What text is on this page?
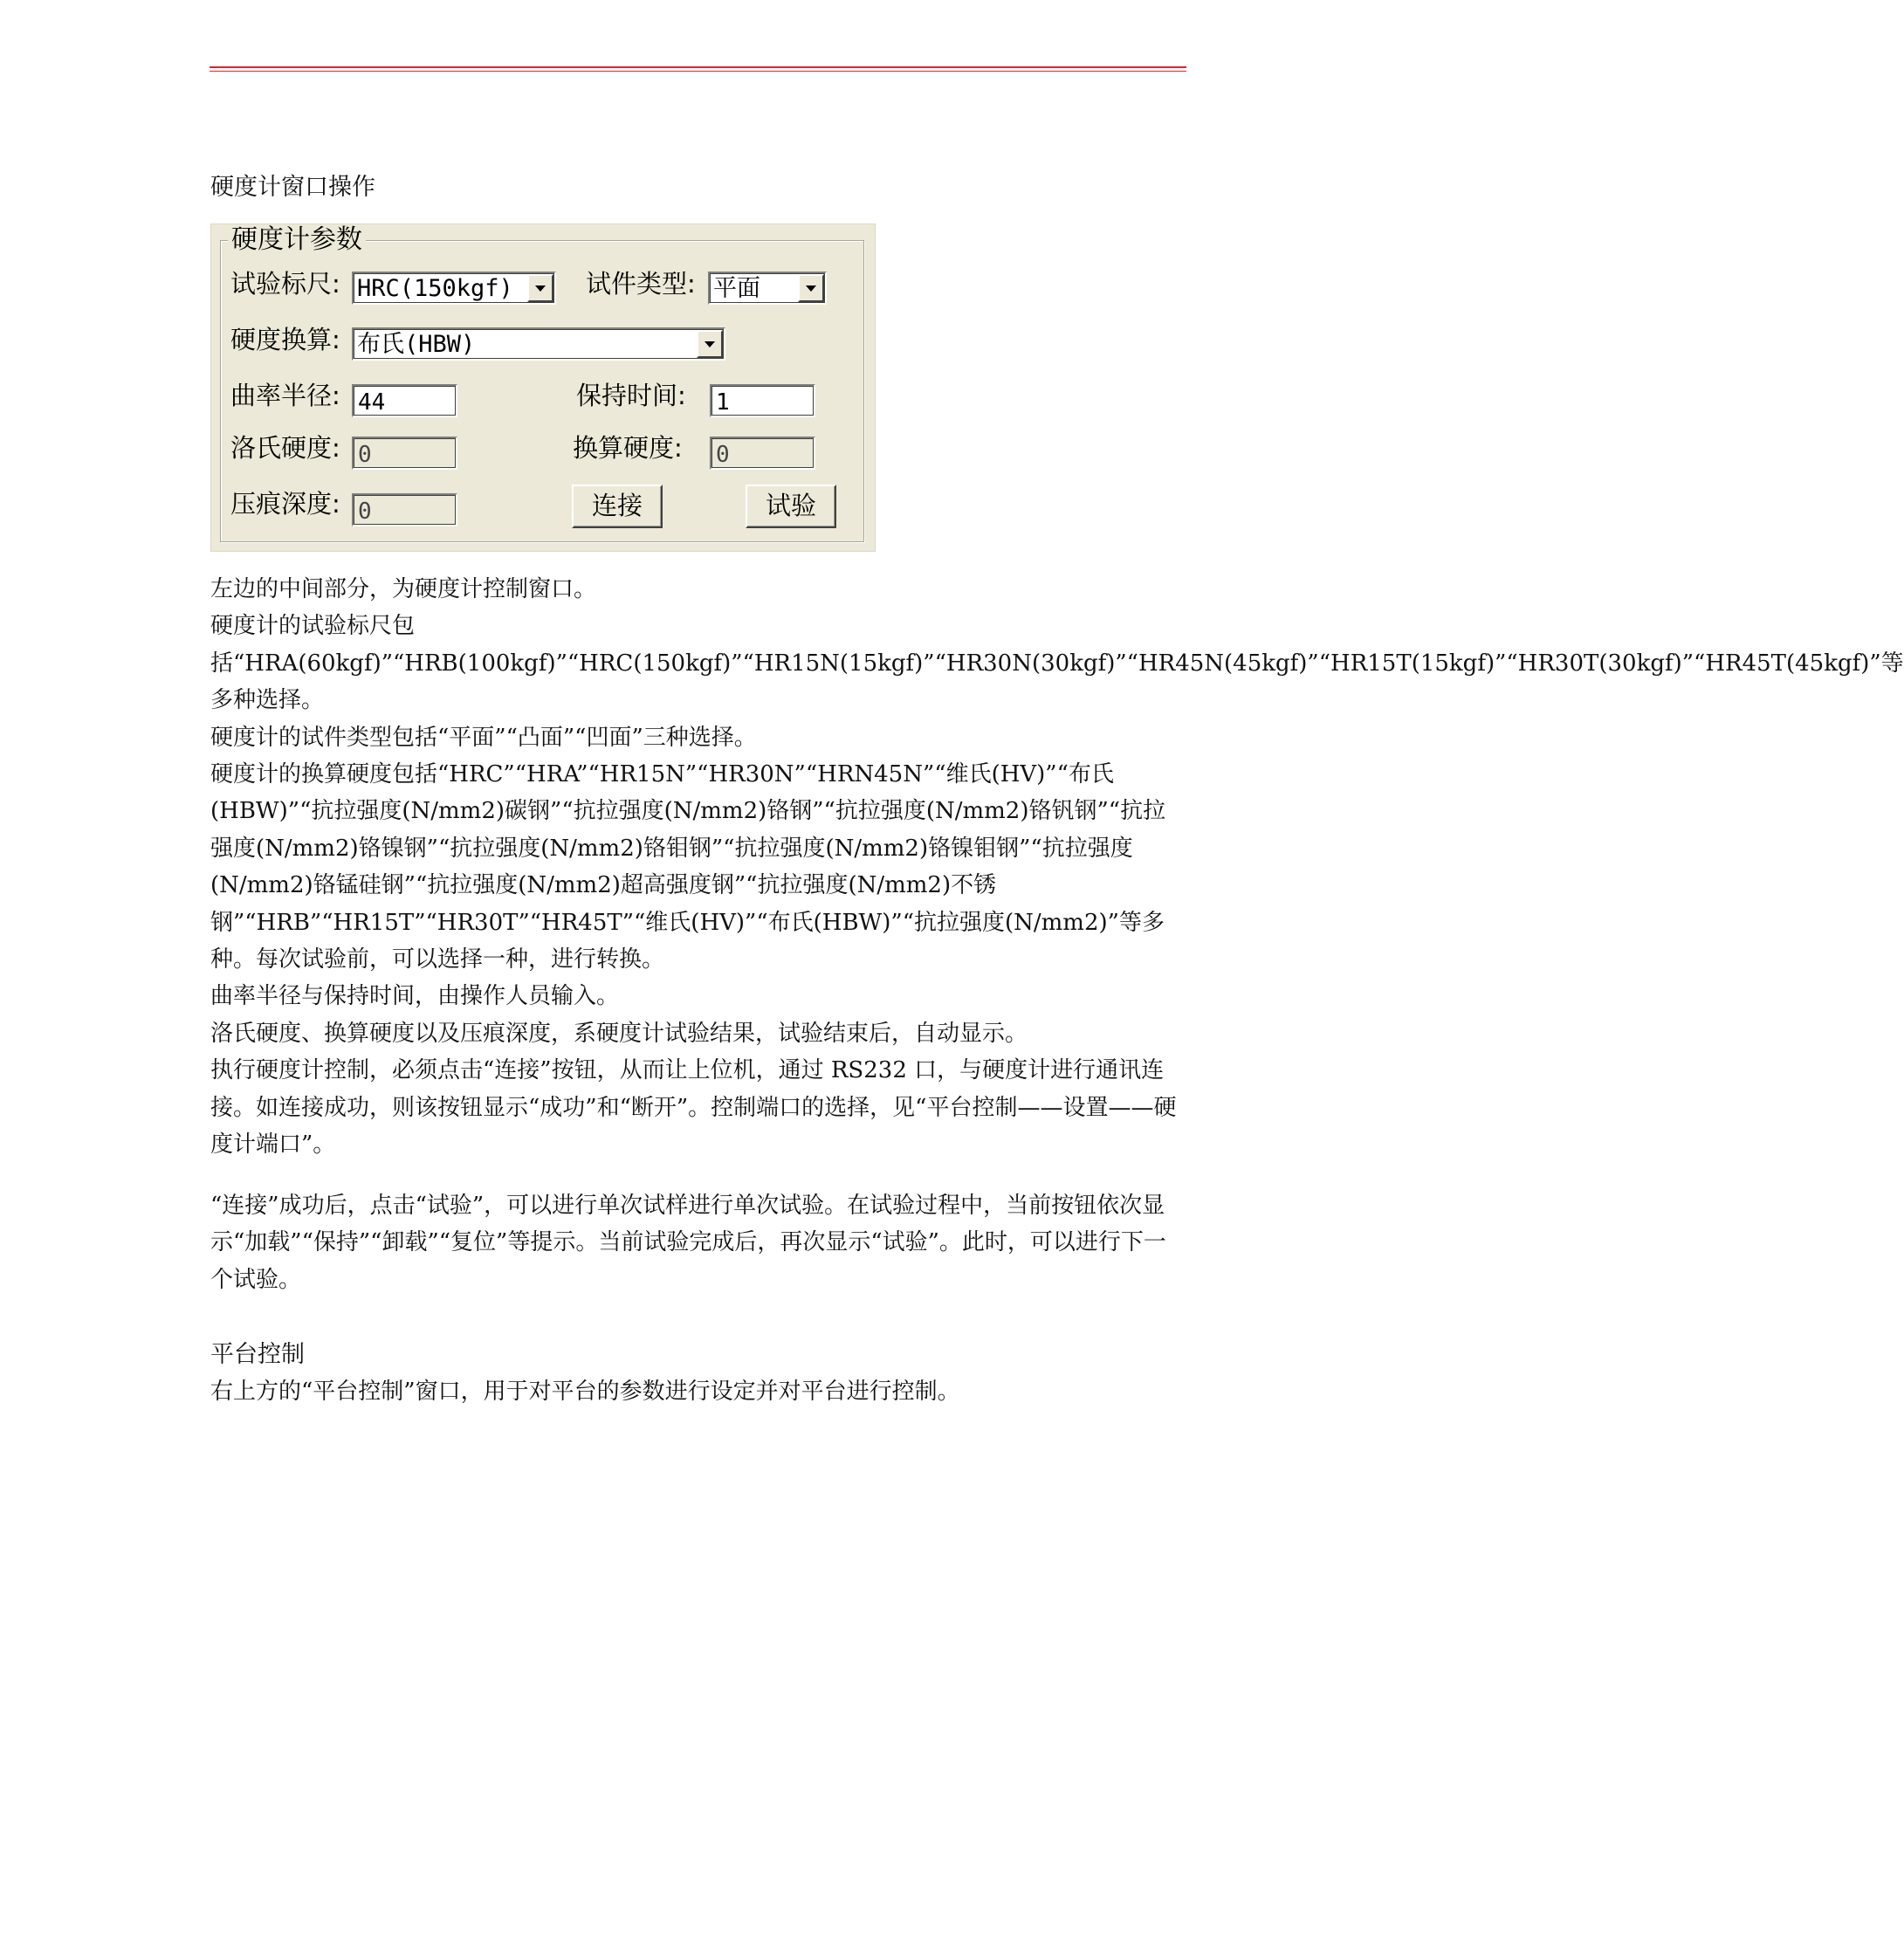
硬度计窗口操作
硬度计参数
试验标尺: HRC(150kgf)	试件类型: 平面
硬度换算: 布氏(HBW)
曲率半径: 44	保持时间: 1
洛氏硬度: 0	换算硬度: 0
压痕深度: 0	连接	试验

左边的中间部分，为硬度计控制窗口。

硬度计的试验标尺包括“HRA(60kgf)”“HRB(100kgf)”“HRC(150kgf)”“HR15N(15kgf)”“HR30N(30kgf)”“HR45N(45kgf)”“HR15T(15kgf)”“HR30T(30kgf)”“HR45T(45kgf)”等多种选择。

硬度计的试件类型包括“平面”“凸面”“凹面”三种选择。

硬度计的换算硬度包括“HRC”“HRA”“HR15N”“HR30N”“HRN45N”“维氏(HV)”“布氏(HBW)”“抗拉强度(N/mm2)碳钢”“抗拉强度(N/mm2)铬钢”“抗拉强度(N/mm2)铬钒钢”“抗拉强度(N/mm2)铬镍钢”“抗拉强度(N/mm2)铬钼钢”“抗拉强度(N/mm2)铬镍钼钢”“抗拉强度(N/mm2)铬锰硅钢”“抗拉强度(N/mm2)超高强度钢”“抗拉强度(N/mm2)不锈钢”“HRB”“HR15T”“HR30T”“HR45T”“维氏(HV)”“布氏(HBW)”“抗拉强度(N/mm2)”等多种。每次试验前，可以选择一种，进行转换。

曲率半径与保持时间，由操作人员输入。

洛氏硬度、换算硬度以及压痕深度，系硬度计试验结果，试验结束后，自动显示。

执行硬度计控制，必须点击“连接”按钮，从而让上位机，通过 RS232 口，与硬度计进行通讯连接。如连接成功，则该按钮显示“成功”和“断开”。控制端口的选择，见“平台控制——设置——硬度计端口”。

“连接”成功后，点击“试验”，可以进行单次试样进行单次试验。在试验过程中，当前按钮依次显示“加载”“保持”“卸载”“复位”等提示。当前试验完成后，再次显示“试验”。此时，可以进行下一个试验。

平台控制

右上方的“平台控制”窗口，用于对平台的参数进行设定并对平台进行控制。
